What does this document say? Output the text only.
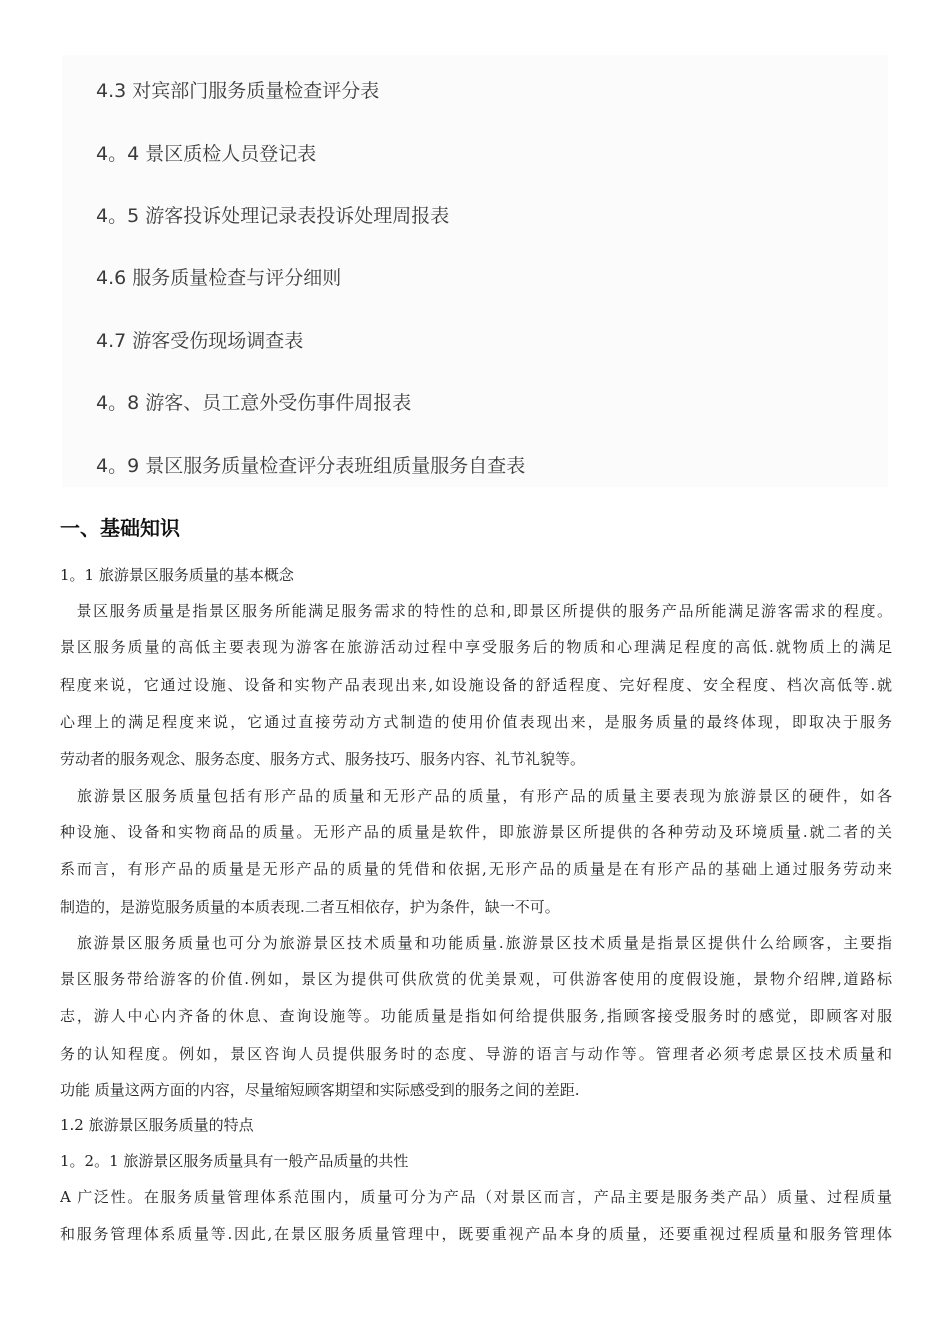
4.3 对宾部门服务质量检查评分表
4。4 景区质检人员登记表
4。5 游客投诉处理记录表投诉处理周报表
4.6 服务质量检查与评分细则
4.7 游客受伤现场调查表
4。8 游客、员工意外受伤事件周报表
4。9 景区服务质量检查评分表班组质量服务自查表
一、基础知识
1。1 旅游景区服务质量的基本概念
　景区服务质量是指景区服务所能满足服务需求的特性的总和,即景区所提供的服务产品所能满足游客需求的程度。
景区服务质量的高低主要表现为游客在旅游活动过程中享受服务后的物质和心理满足程度的高低.就物质上的满足
程度来说，它通过设施、设备和实物产品表现出来,如设施设备的舒适程度、完好程度、安全程度、档次高低等.就
心理上的满足程度来说，它通过直接劳动方式制造的使用价值表现出来，是服务质量的最终体现，即取决于服务
劳动者的服务观念、服务态度、服务方式、服务技巧、服务内容、礼节礼貌等。
　旅游景区服务质量包括有形产品的质量和无形产品的质量，有形产品的质量主要表现为旅游景区的硬件，如各
种设施、设备和实物商品的质量。无形产品的质量是软件，即旅游景区所提供的各种劳动及环境质量.就二者的关
系而言，有形产品的质量是无形产品的质量的凭借和依据,无形产品的质量是在有形产品的基础上通过服务劳动来
制造的，是游览服务质量的本质表现.二者互相依存，护为条件，缺一不可。
　旅游景区服务质量也可分为旅游景区技术质量和功能质量.旅游景区技术质量是指景区提供什么给顾客，主要指
景区服务带给游客的价值.例如，景区为提供可供欣赏的优美景观，可供游客使用的度假设施，景物介绍牌,道路标
志，游人中心内齐备的休息、查询设施等。功能质量是指如何给提供服务,指顾客接受服务时的感觉，即顾客对服
务的认知程度。例如，景区咨询人员提供服务时的态度、导游的语言与动作等。管理者必须考虑景区技术质量和
功能 质量这两方面的内容，尽量缩短顾客期望和实际感受到的服务之间的差距.
1.2 旅游景区服务质量的特点
1。2。1 旅游景区服务质量具有一般产品质量的共性
A 广泛性。在服务质量管理体系范围内，质量可分为产品（对景区而言，产品主要是服务类产品）质量、过程质量
和服务管理体系质量等.因此,在景区服务质量管理中，既要重视产品本身的质量，还要重视过程质量和服务管理体
